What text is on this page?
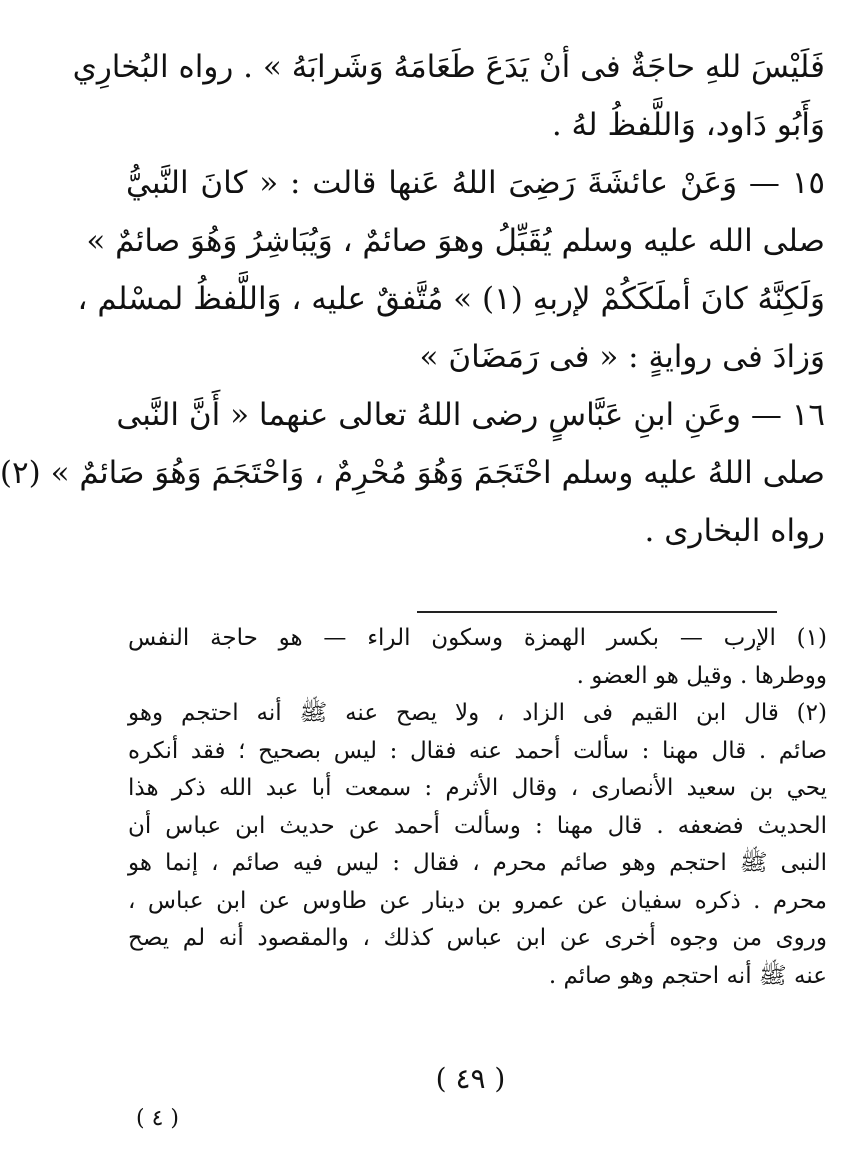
فَلَيْسَ للهِ حاجَةٌ فى أنْ يَدَعَ طَعَامَهُ وَشَرابَهُ » . رواه البُخارِي
وَأَبُو دَاود، وَاللَّفظُ لهُ .

١٥ — وَعَنْ عائشَةَ رَضِىَ اللهُ عَنها قالت : « كانَ النَّبيُّ
صلى الله عليه وسلم يُقَبِّلُ وهوَ صائمٌ ، وَيُبَاشِرُ وَهُوَ صائمٌ »
وَلَكِنَّهُ كانَ أملَكَكُمْ لإربهِ (١) » مُتَّفقٌ عليه ، وَاللَّفظُ لمسْلم ،
وَزادَ فى روايةٍ : « فى رَمَضَانَ »

١٦ — وعَنِ ابنِ عَبَّاسٍ رضى اللهُ تعالى عنهما « أَنَّ النَّبى
صلى اللهُ عليه وسلم احْتَجَمَ وَهُوَ مُحْرِمٌ ، وَاحْتَجَمَ وَهُوَ صَائمٌ » (٢)
رواه البخارى .

(١) الإرب — بكسر الهمزة وسكون الراء — هو حاجة النفس
ووطرها . وقيل هو العضو .
(٢) قال ابن القيم فى الزاد ، ولا يصح عنه ﷺ أنه احتجم وهو
صائم . قال مهنا : سألت أحمد عنه فقال : ليس بصحيح ؛ فقد أنكره
يحي بن سعيد الأنصارى ، وقال الأثرم : سمعت أبا عبد الله ذكر هذا
الحديث فضعفه . قال مهنا : وسألت أحمد عن حديث ابن عباس أن
النبى ﷺ احتجم وهو صائم محرم ، فقال : ليس فيه صائم ، إنما هو
محرم . ذكره سفيان عن عمرو بن دينار عن طاوس عن ابن عباس ،
وروى من وجوه أخرى عن ابن عباس كذلك ، والمقصود أنه لم يصح
عنه ﷺ أنه احتجم وهو صائم .
( ٤٩ )
( ٤ )
